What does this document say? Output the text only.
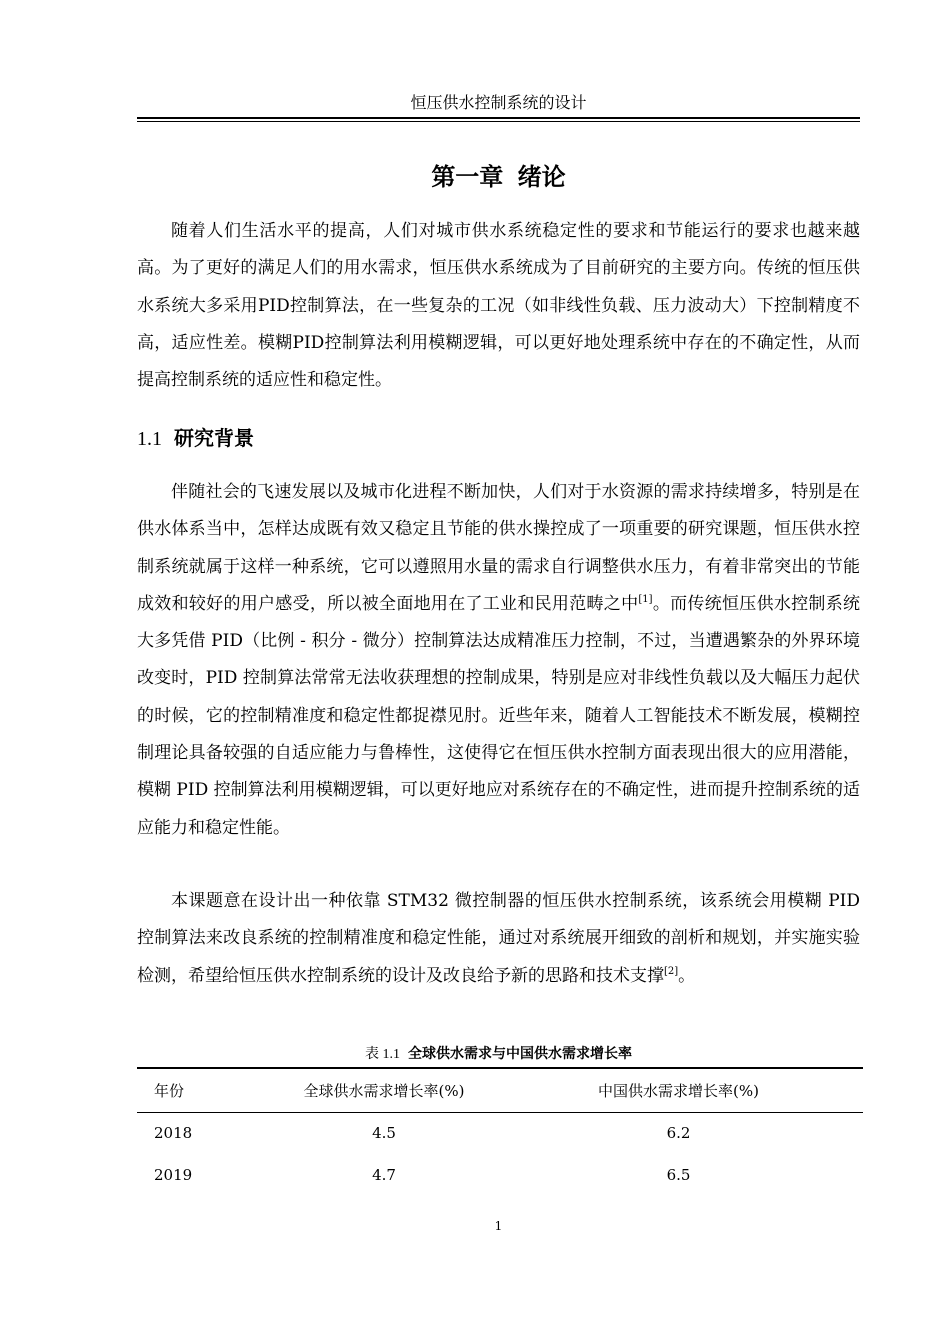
恒压供水控制系统的设计
第一章 绪论

随着人们生活水平的提高，人们对城市供水系统稳定性的要求和节能运行的要求也越来越高。为了更好的满足人们的用水需求，恒压供水系统成为了目前研究的主要方向。传统的恒压供水系统大多采用PID控制算法，在一些复杂的工况（如非线性负载、压力波动大）下控制精度不高，适应性差。模糊PID控制算法利用模糊逻辑，可以更好地处理系统中存在的不确定性，从而提高控制系统的适应性和稳定性。

1.1 研究背景

伴随社会的飞速发展以及城市化进程不断加快，人们对于水资源的需求持续增多，特别是在供水体系当中，怎样达成既有效又稳定且节能的供水操控成了一项重要的研究课题，恒压供水控制系统就属于这样一种系统，它可以遵照用水量的需求自行调整供水压力，有着非常突出的节能成效和较好的用户感受，所以被全面地用在了工业和民用范畴之中[1]。而传统恒压供水控制系统大多凭借 PID（比例 - 积分 - 微分）控制算法达成精准压力控制，不过，当遭遇繁杂的外界环境改变时，PID 控制算法常常无法收获理想的控制成果，特别是应对非线性负载以及大幅压力起伏的时候，它的控制精准度和稳定性都捉襟见肘。近些年来，随着人工智能技术不断发展，模糊控制理论具备较强的自适应能力与鲁棒性，这使得它在恒压供水控制方面表现出很大的应用潜能，模糊 PID 控制算法利用模糊逻辑，可以更好地应对系统存在的不确定性，进而提升控制系统的适应能力和稳定性能。

本课题意在设计出一种依靠 STM32 微控制器的恒压供水控制系统，该系统会用模糊 PID 控制算法来改良系统的控制精准度和稳定性能，通过对系统展开细致的剖析和规划，并实施实验检测，希望给恒压供水控制系统的设计及改良给予新的思路和技术支撑[2]。

表 1.1 全球供水需求与中国供水需求增长率
年份	全球供水需求增长率(%)	中国供水需求增长率(%)
2018	4.5	6.2
2019	4.7	6.5
1
